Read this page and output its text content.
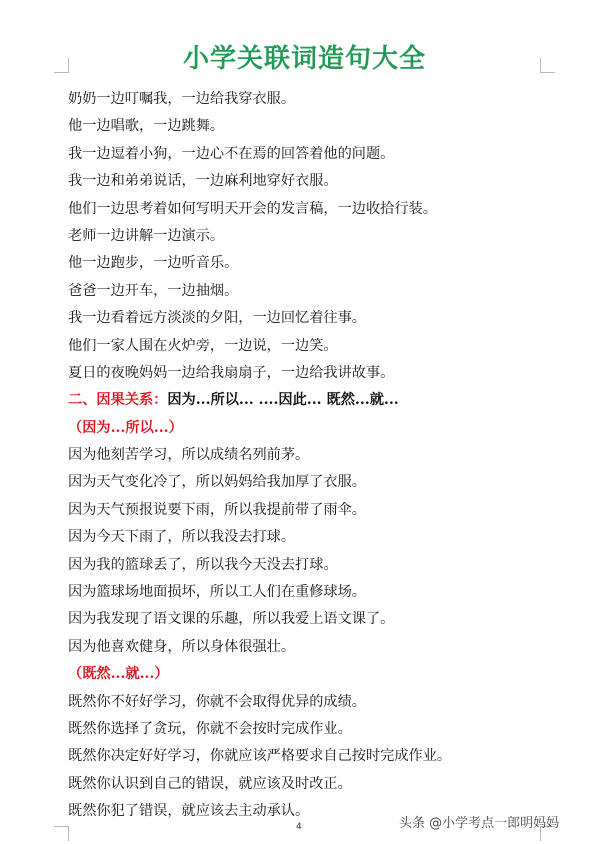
小学关联词造句大全
奶奶一边叮嘱我，一边给我穿衣服。
他一边唱歌，一边跳舞。
我一边逗着小狗，一边心不在焉的回答着他的问题。
我一边和弟弟说话，一边麻利地穿好衣服。
他们一边思考着如何写明天开会的发言稿，一边收拾行装。
老师一边讲解一边演示。
他一边跑步，一边听音乐。
爸爸一边开车，一边抽烟。
我一边看着远方淡淡的夕阳，一边回忆着往事。
他们一家人围在火炉旁，一边说，一边笑。
夏日的夜晚妈妈一边给我扇扇子，一边给我讲故事。
二、因果关系：因为...所以... ....因此... 既然...就...
（因为...所以...）
因为他刻苦学习，所以成绩名列前茅。
因为天气变化冷了，所以妈妈给我加厚了衣服。
因为天气预报说要下雨，所以我提前带了雨伞。
因为今天下雨了，所以我没去打球。
因为我的篮球丢了，所以我今天没去打球。
因为篮球场地面损坏，所以工人们在重修球场。
因为我发现了语文课的乐趣，所以我爱上语文课了。
因为他喜欢健身，所以身体很强壮。
（既然...就...）
既然你不好好学习，你就不会取得优异的成绩。
既然你选择了贪玩，你就不会按时完成作业。
既然你决定好好学习，你就应该严格要求自己按时完成作业。
既然你认识到自己的错误，就应该及时改正。
既然你犯了错误，就应该去主动承认。
4	头条 @小学考点一郎明妈妈
